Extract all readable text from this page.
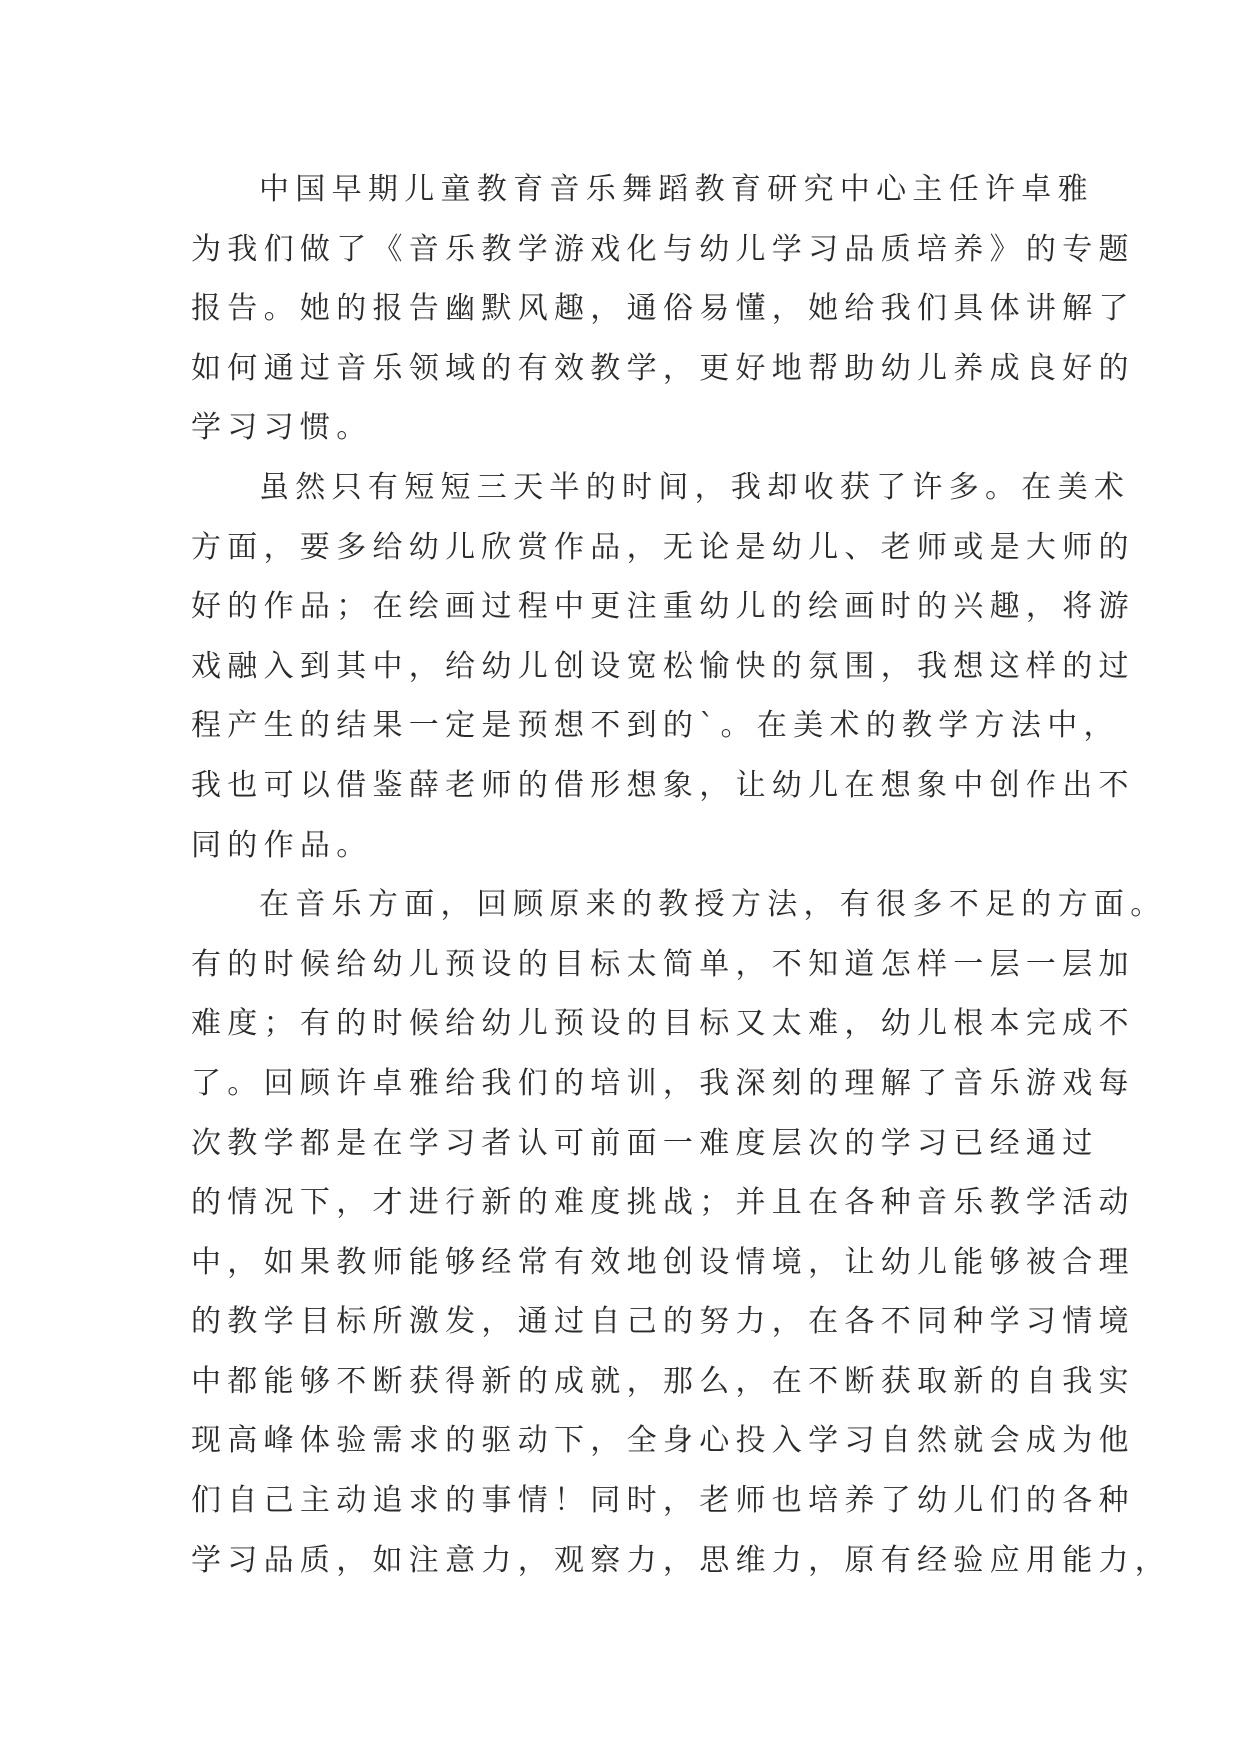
中国早期儿童教育音乐舞蹈教育研究中心主任许卓雅
为我们做了《音乐教学游戏化与幼儿学习品质培养》的专题
报告。她的报告幽默风趣，通俗易懂，她给我们具体讲解了
如何通过音乐领域的有效教学，更好地帮助幼儿养成良好的
学习习惯。
虽然只有短短三天半的时间，我却收获了许多。在美术
方面，要多给幼儿欣赏作品，无论是幼儿、老师或是大师的
好的作品；在绘画过程中更注重幼儿的绘画时的兴趣，将游
戏融入到其中，给幼儿创设宽松愉快的氛围，我想这样的过
程产生的结果一定是预想不到的`。在美术的教学方法中，
我也可以借鉴薛老师的借形想象，让幼儿在想象中创作出不
同的作品。
在音乐方面，回顾原来的教授方法，有很多不足的方面。
有的时候给幼儿预设的目标太简单，不知道怎样一层一层加
难度；有的时候给幼儿预设的目标又太难，幼儿根本完成不
了。回顾许卓雅给我们的培训，我深刻的理解了音乐游戏每
次教学都是在学习者认可前面一难度层次的学习已经通过
的情况下，才进行新的难度挑战；并且在各种音乐教学活动
中，如果教师能够经常有效地创设情境，让幼儿能够被合理
的教学目标所激发，通过自己的努力，在各不同种学习情境
中都能够不断获得新的成就，那么，在不断获取新的自我实
现高峰体验需求的驱动下，全身心投入学习自然就会成为他
们自己主动追求的事情！同时，老师也培养了幼儿们的各种
学习品质，如注意力，观察力，思维力，原有经验应用能力，
